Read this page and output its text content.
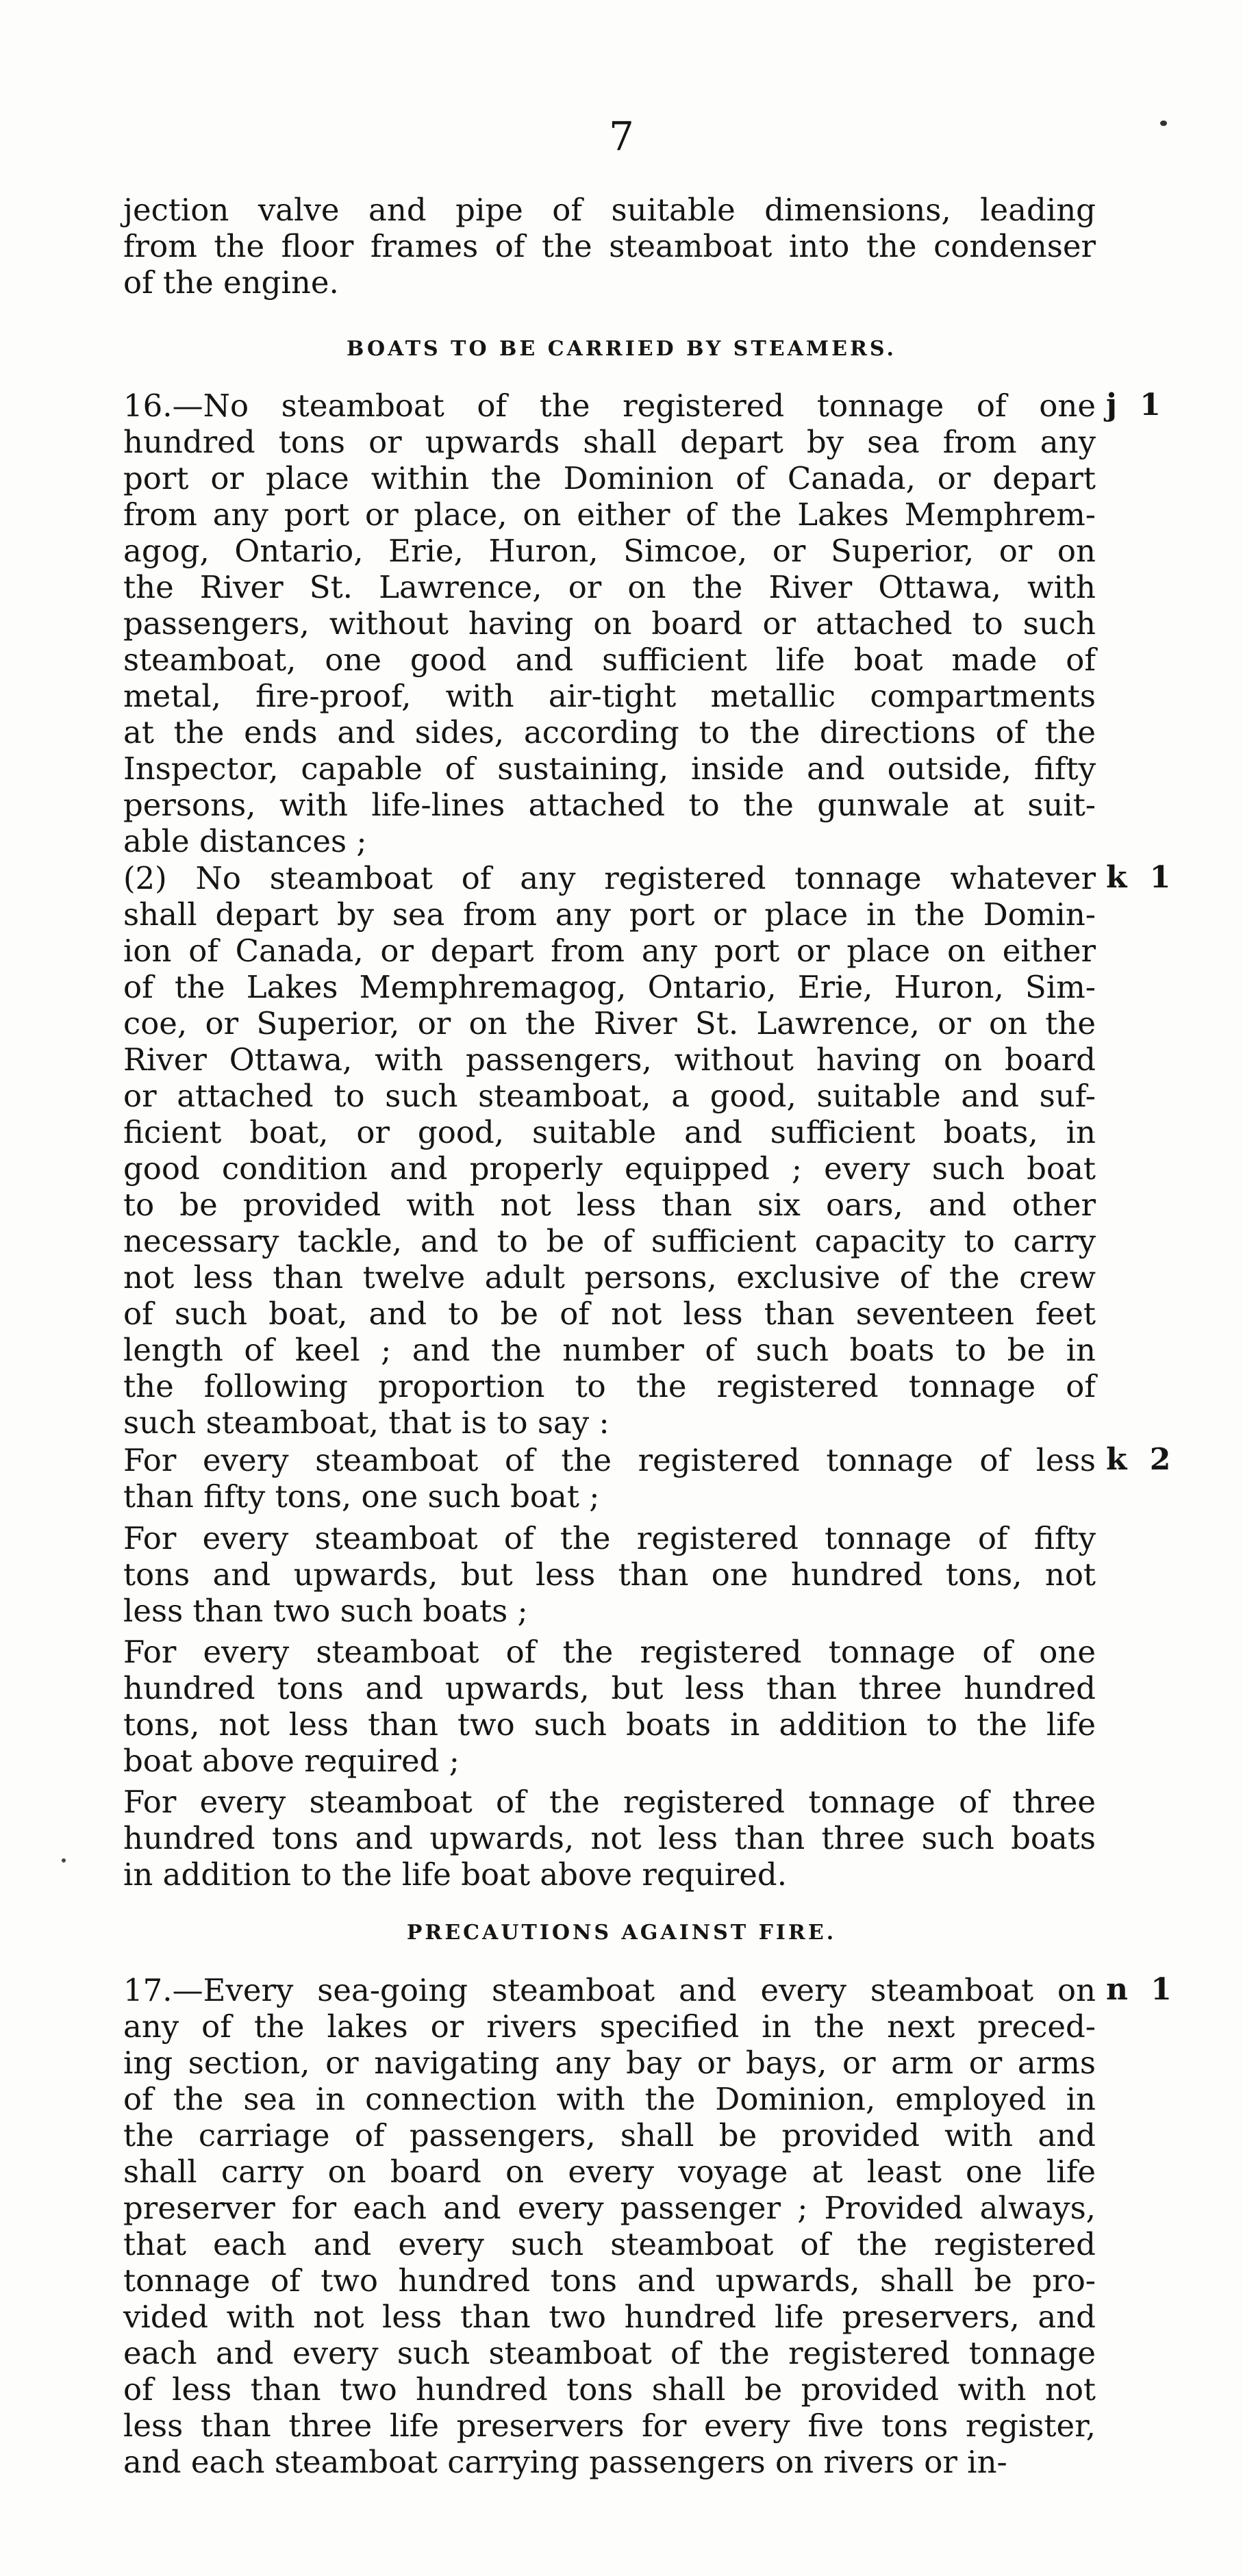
7
jection valve and pipe of suitable dimensions, leading
from the floor frames of the steamboat into the condenser
of the engine.
BOATS TO BE CARRIED BY STEAMERS.
16.—No steamboat of the registered tonnage of one
hundred tons or upwards shall depart by sea from any
port or place within the Dominion of Canada, or depart
from any port or place, on either of the Lakes Memphrem-
agog, Ontario, Erie, Huron, Simcoe, or Superior, or on
the River St. Lawrence, or on the River Ottawa, with
passengers, without having on board or attached to such
steamboat, one good and sufficient life boat made of
metal, fire-proof, with air-tight metallic compartments
at the ends and sides, according to the directions of the
Inspector, capable of sustaining, inside and outside, fifty
persons, with life-lines attached to the gunwale at suit-
able distances ;
j 1
(2) No steamboat of any registered tonnage whatever
shall depart by sea from any port or place in the Domin-
ion of Canada, or depart from any port or place on either
of the Lakes Memphremagog, Ontario, Erie, Huron, Sim-
coe, or Superior, or on the River St. Lawrence, or on the
River Ottawa, with passengers, without having on board
or attached to such steamboat, a good, suitable and suf-
ficient boat, or good, suitable and sufficient boats, in
good condition and properly equipped ; every such boat
to be provided with not less than six oars, and other
necessary tackle, and to be of sufficient capacity to carry
not less than twelve adult persons, exclusive of the crew
of such boat, and to be of not less than seventeen feet
length of keel ; and the number of such boats to be in
the following proportion to the registered tonnage of
such steamboat, that is to say :
k 1
For every steamboat of the registered tonnage of less
than fifty tons, one such boat ;
k 2
For every steamboat of the registered tonnage of fifty
tons and upwards, but less than one hundred tons, not
less than two such boats ;
For every steamboat of the registered tonnage of one
hundred tons and upwards, but less than three hundred
tons, not less than two such boats in addition to the life
boat above required ;
For every steamboat of the registered tonnage of three
hundred tons and upwards, not less than three such boats
in addition to the life boat above required.
PRECAUTIONS AGAINST FIRE.
17.—Every sea-going steamboat and every steamboat on
any of the lakes or rivers specified in the next preced-
ing section, or navigating any bay or bays, or arm or arms
of the sea in connection with the Dominion, employed in
the carriage of passengers, shall be provided with and
shall carry on board on every voyage at least one life
preserver for each and every passenger ; Provided always,
that each and every such steamboat of the registered
tonnage of two hundred tons and upwards, shall be pro-
vided with not less than two hundred life preservers, and
each and every such steamboat of the registered tonnage
of less than two hundred tons shall be provided with not
less than three life preservers for every five tons register,
and each steamboat carrying passengers on rivers or in-
n 1
